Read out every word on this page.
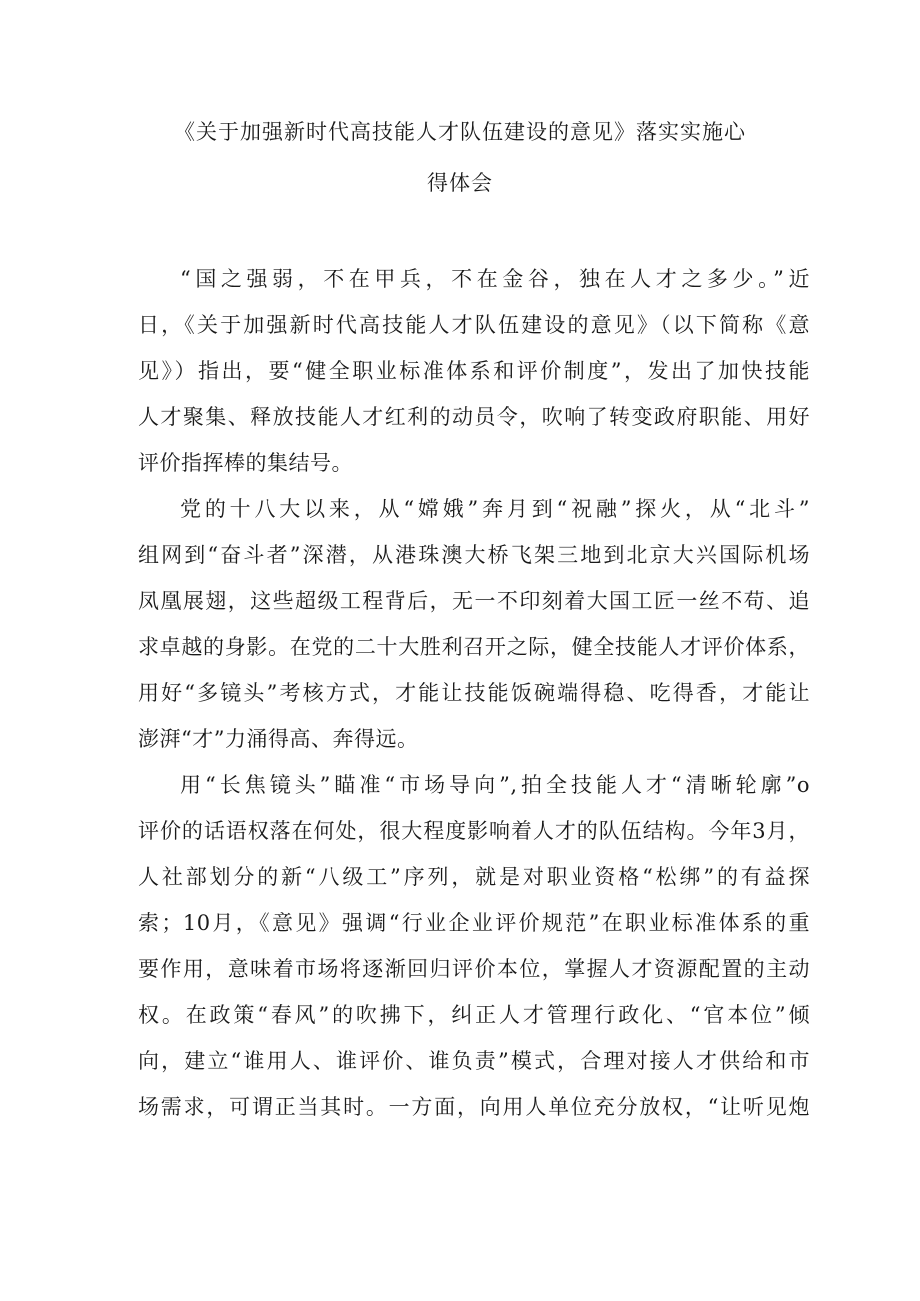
《关于加强新时代高技能人才队伍建设的意见》落实实施心
得体会
“国之强弱，不在甲兵，不在金谷，独在人才之多少。”近
日，《关于加强新时代高技能人才队伍建设的意见》（以下简称《意
见》）指出，要“健全职业标准体系和评价制度”，发出了加快技能
人才聚集、释放技能人才红利的动员令，吹响了转变政府职能、用好
评价指挥棒的集结号。
党的十八大以来，从“嫦娥”奔月到“祝融”探火，从“北斗”
组网到“奋斗者”深潜，从港珠澳大桥飞架三地到北京大兴国际机场
凤凰展翅，这些超级工程背后，无一不印刻着大国工匠一丝不苟、追
求卓越的身影。在党的二十大胜利召开之际，健全技能人才评价体系，
用好“多镜头”考核方式，才能让技能饭碗端得稳、吃得香，才能让
澎湃“才”力涌得高、奔得远。
用“长焦镜头”瞄准“市场导向”,拍全技能人才“清晰轮廓”o
评价的话语权落在何处，很大程度影响着人才的队伍结构。今年3月，
人社部划分的新“八级工”序列，就是对职业资格“松绑”的有益探
索；10月，《意见》强调“行业企业评价规范”在职业标准体系的重
要作用，意味着市场将逐渐回归评价本位，掌握人才资源配置的主动
权。在政策“春风”的吹拂下，纠正人才管理行政化、“官本位”倾
向，建立“谁用人、谁评价、谁负责”模式，合理对接人才供给和市
场需求，可谓正当其时。一方面，向用人单位充分放权，“让听见炮
